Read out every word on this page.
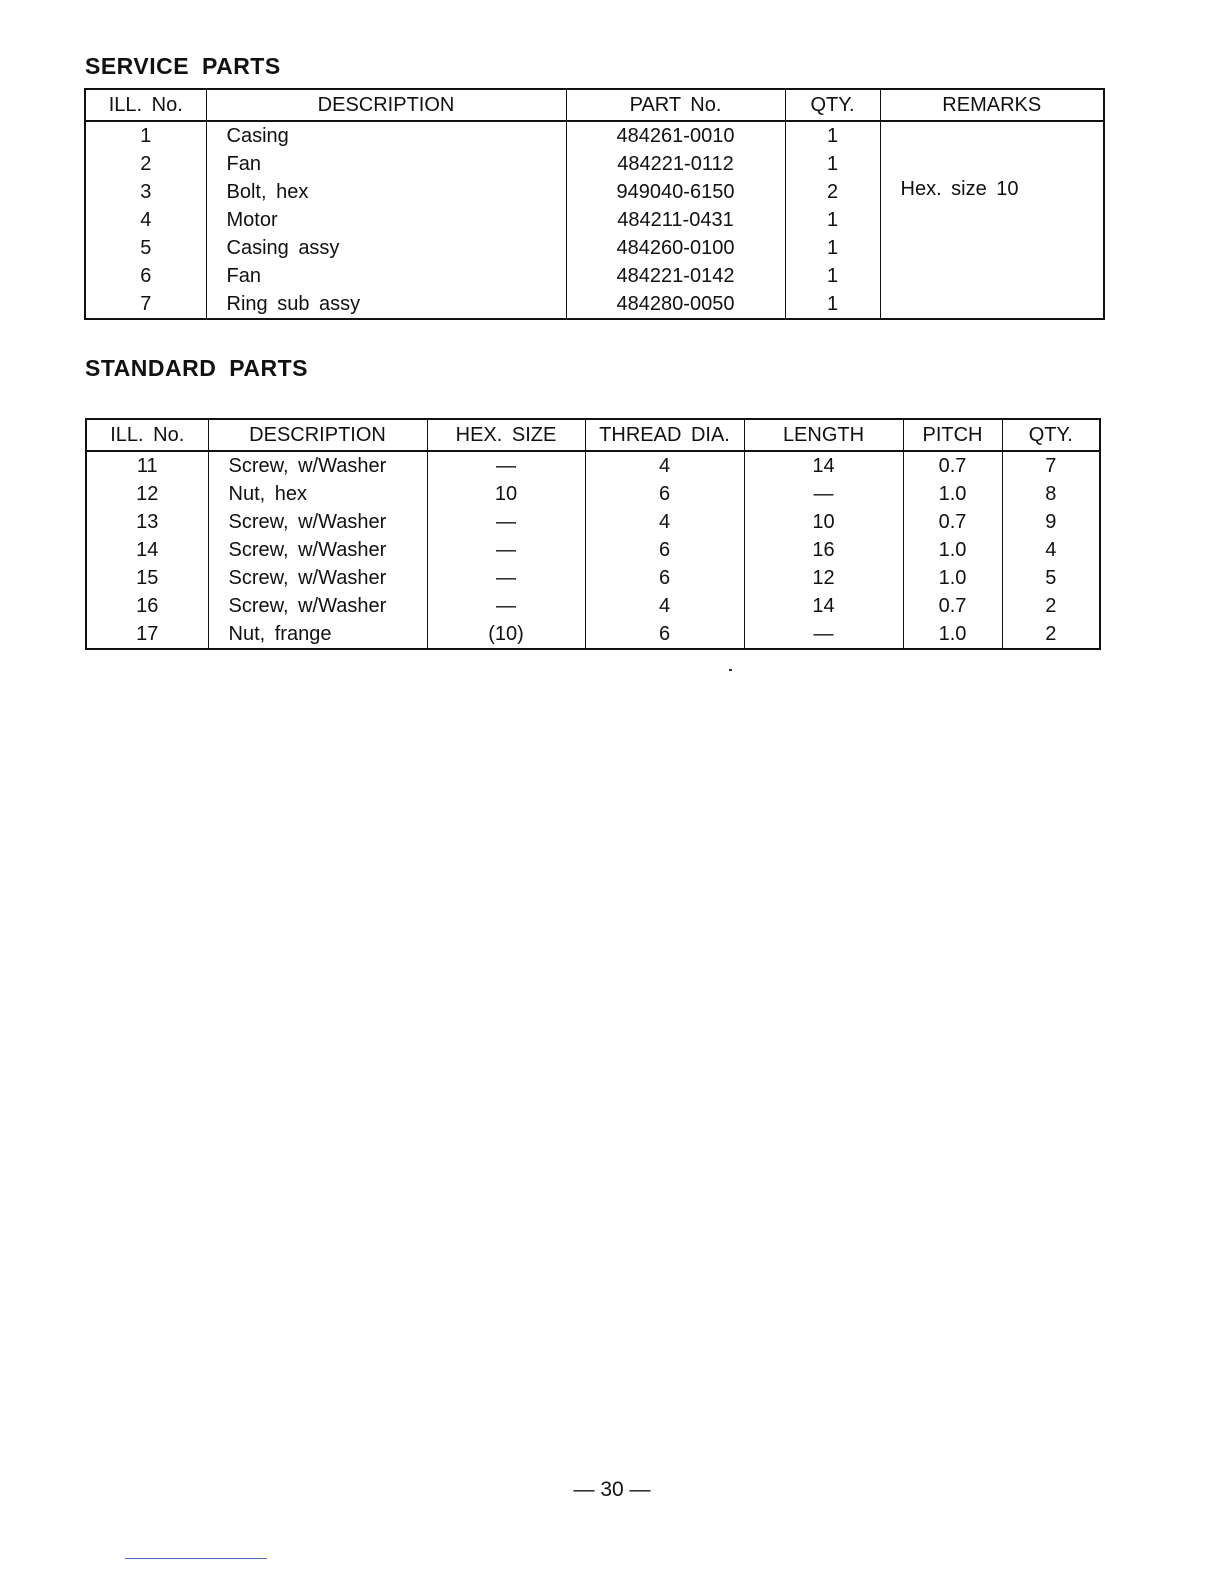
SERVICE PARTS
ILL. No.	DESCRIPTION	PART No.	QTY.	REMARKS
1	Casing	484261-0010	1	Hex. size 10
2	Fan	484221-0112	1	
3	Bolt, hex	949040-6150	2	
4	Motor	484211-0431	1	
5	Casing assy	484260-0100	1	
6	Fan	484221-0142	1	
7	Ring sub assy	484280-0050	1	
STANDARD PARTS
ILL. No.	DESCRIPTION	HEX. SIZE	THREAD DIA.	LENGTH	PITCH	QTY.
11	Screw, w/Washer	—	4	14	0.7	7
12	Nut, hex	10	6	—	1.0	8
13	Screw, w/Washer	—	4	10	0.7	9
14	Screw, w/Washer	—	6	16	1.0	4
15	Screw, w/Washer	—	6	12	1.0	5
16	Screw, w/Washer	—	4	14	0.7	2
17	Nut, frange	(10)	6	—	1.0	2
— 30 —
